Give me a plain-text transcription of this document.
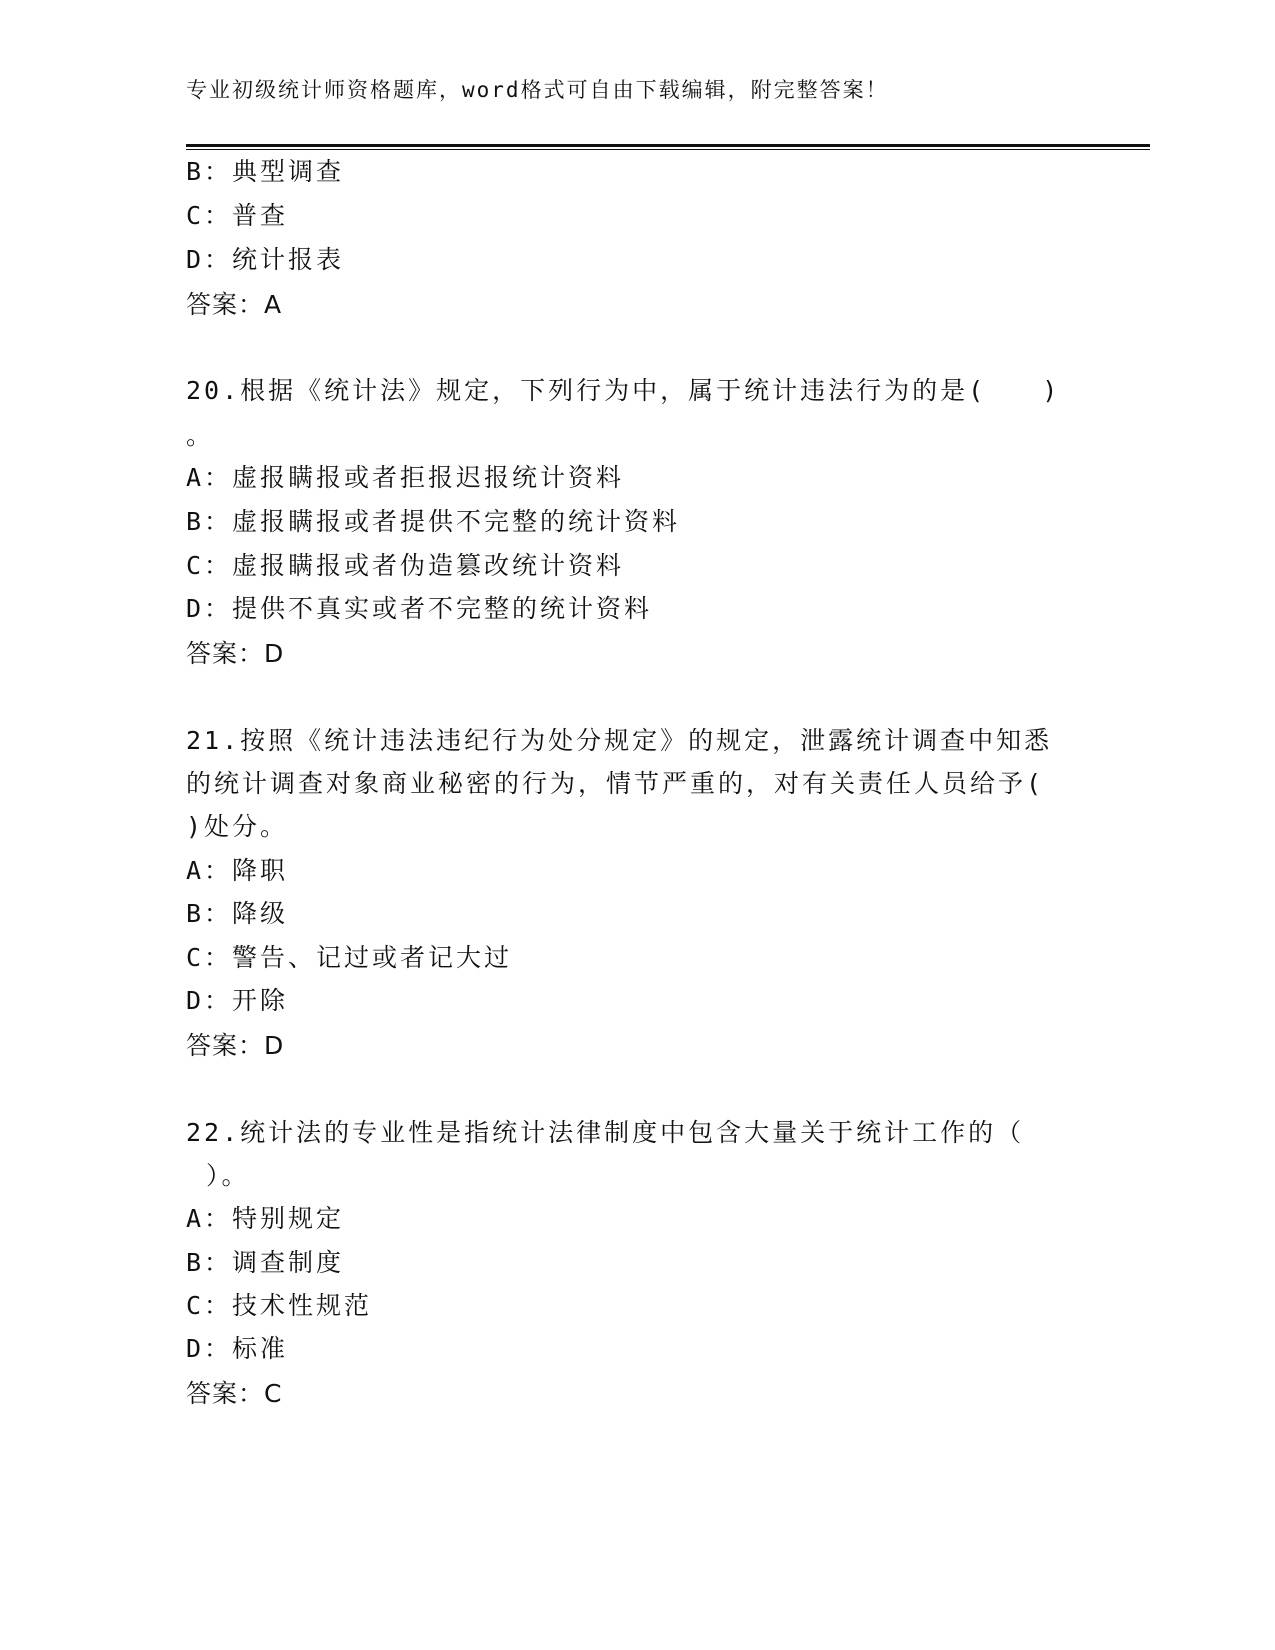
专业初级统计师资格题库，word格式可自由下载编辑，附完整答案！
B：典型调查
C：普查
D：统计报表
答案：A
20.根据《统计法》规定，下列行为中，属于统计违法行为的是(　　)
。
A：虚报瞒报或者拒报迟报统计资料
B：虚报瞒报或者提供不完整的统计资料
C：虚报瞒报或者伪造篡改统计资料
D：提供不真实或者不完整的统计资料
答案：D
21.按照《统计违法违纪行为处分规定》的规定，泄露统计调查中知悉
的统计调查对象商业秘密的行为，情节严重的，对有关责任人员给予(
)处分。
A：降职
B：降级
C：警告、记过或者记大过
D：开除
答案：D
22.统计法的专业性是指统计法律制度中包含大量关于统计工作的（
）。
A：特别规定
B：调查制度
C：技术性规范
D：标准
答案：C
